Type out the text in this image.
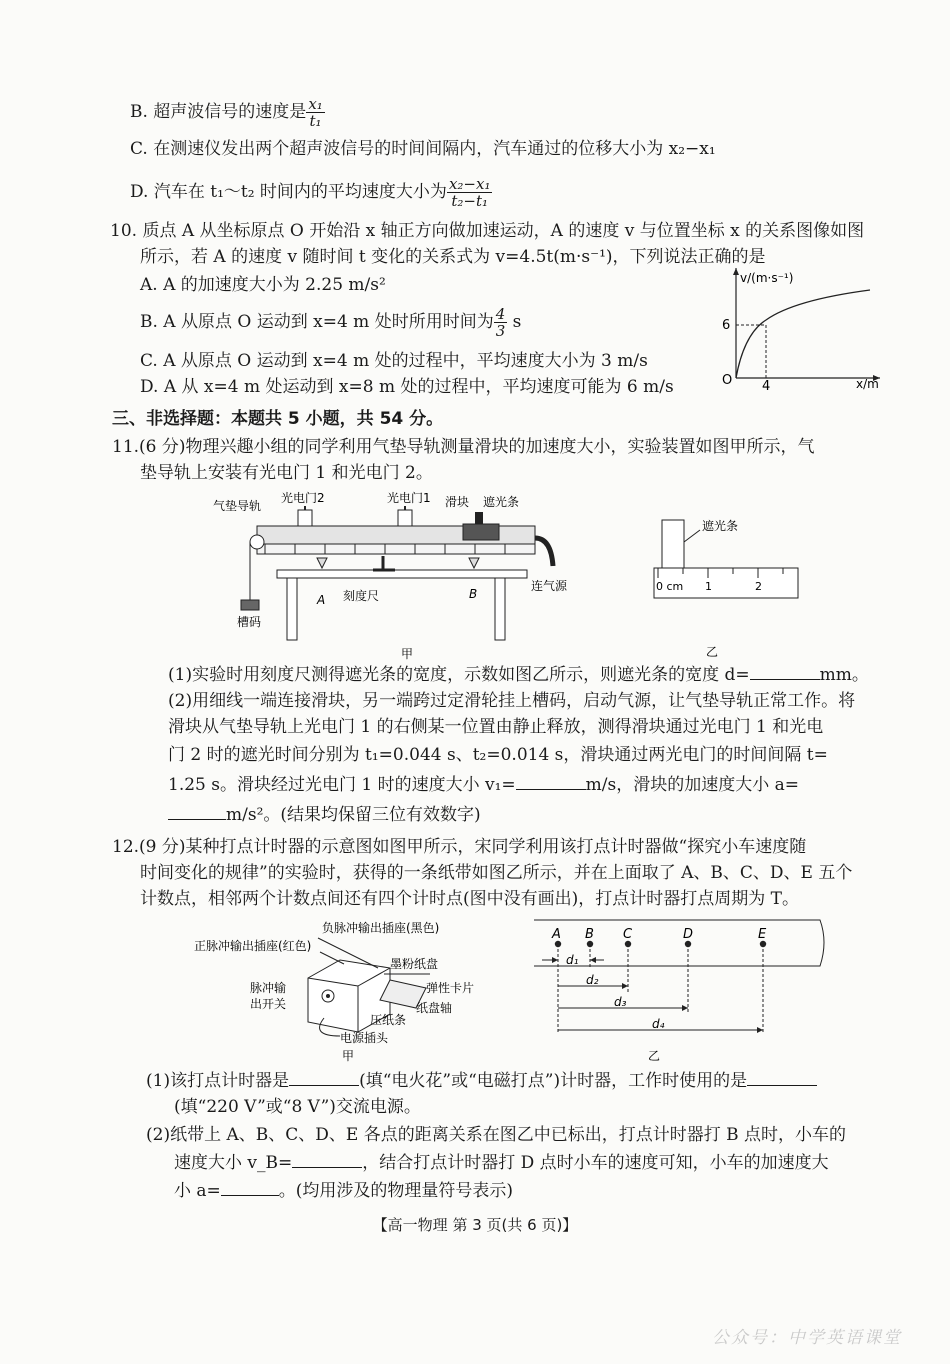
B. 超声波信号的速度是 $\frac{\text{x₁}}{\text{t₁}}$
C. 在测速仪发出两个超声波信号的时间间隔内，汽车通过的位移大小为 x₂−x₁
D. 汽车在 t₁～t₂ 时间内的平均速度大小为 $\frac{\text{x₂−x₁}}{\text{t₂−t₁}}$
10. 质点 A 从坐标原点 O 开始沿 x 轴正方向做加速运动，A 的速度 v 与位置坐标 x 的关系图像如图
所示，若 A 的速度 v 随时间 t 变化的关系式为 v=4.5t(m·s⁻¹)，下列说法正确的是
A. A 的加速度大小为 2.25 m/s²
B. A 从原点 O 运动到 x=4 m 处时所用时间为 $\frac{4}{3}$ s
C. A 从原点 O 运动到 x=4 m 处的过程中，平均速度大小为 3 m/s
D. A 从 x=4 m 处运动到 x=8 m 处的过程中，平均速度可能为 6 m/s
v/(m·s⁻¹)
x/m
O
6
4
三、非选择题：本题共 5 小题，共 54 分。
11.(6 分)物理兴趣小组的同学利用气垫导轨测量滑块的加速度大小，实验装置如图甲所示，气
垫导轨上安装有光电门 1 和光电门 2。
气垫导轨
光电门2	光电门1 滑块 遮光条
A 刻度尺	B
连气源
槽码
甲
遮光条
0 cm 1	2
乙
(1)实验时用刻度尺测得遮光条的宽度，示数如图乙所示，则遮光条的宽度 d=	mm。
(2)用细线一端连接滑块，另一端跨过定滑轮挂上槽码，启动气源，让气垫导轨正常工作。将
滑块从气垫导轨上光电门 1 的右侧某一位置由静止释放，测得滑块通过光电门 1 和光电
门 2 时的遮光时间分别为 t₁=0.044 s、t₂=0.014 s，滑块通过两光电门的时间间隔 t=
1.25 s。滑块经过光电门 1 时的速度大小 v₁=	m/s，滑块的加速度大小 a=
m/s²。(结果均保留三位有效数字)
12.(9 分)某种打点计时器的示意图如图甲所示，宋同学利用该打点计时器做“探究小车速度随
时间变化的规律”的实验时，获得的一条纸带如图乙所示，并在上面取了 A、B、C、D、E 五个
计数点，相邻两个计数点间还有四个计时点(图中没有画出)，打点计时器打点周期为 T。
负脉冲输出插座(黑色)
正脉冲输出插座(红色)
墨粉纸盘
脉冲输
出开关
弹性卡片
纸盘轴
压纸条
电源插头
甲
A B C	D	E
d₁
d₂
d₃
d₄
乙
(1)该打点计时器是	(填“电火花”或“电磁打点”)计时器，工作时使用的是
(填“220 V”或“8 V”)交流电源。
(2)纸带上 A、B、C、D、E 各点的距离关系在图乙中已标出，打点计时器打 B 点时，小车的
速度大小 v_B=	，结合打点计时器打 D 点时小车的速度可知，小车的加速度大
小 a=	。(均用涉及的物理量符号表示)
【高一物理 第 3 页(共 6 页)】
公众号：中学英语课堂
